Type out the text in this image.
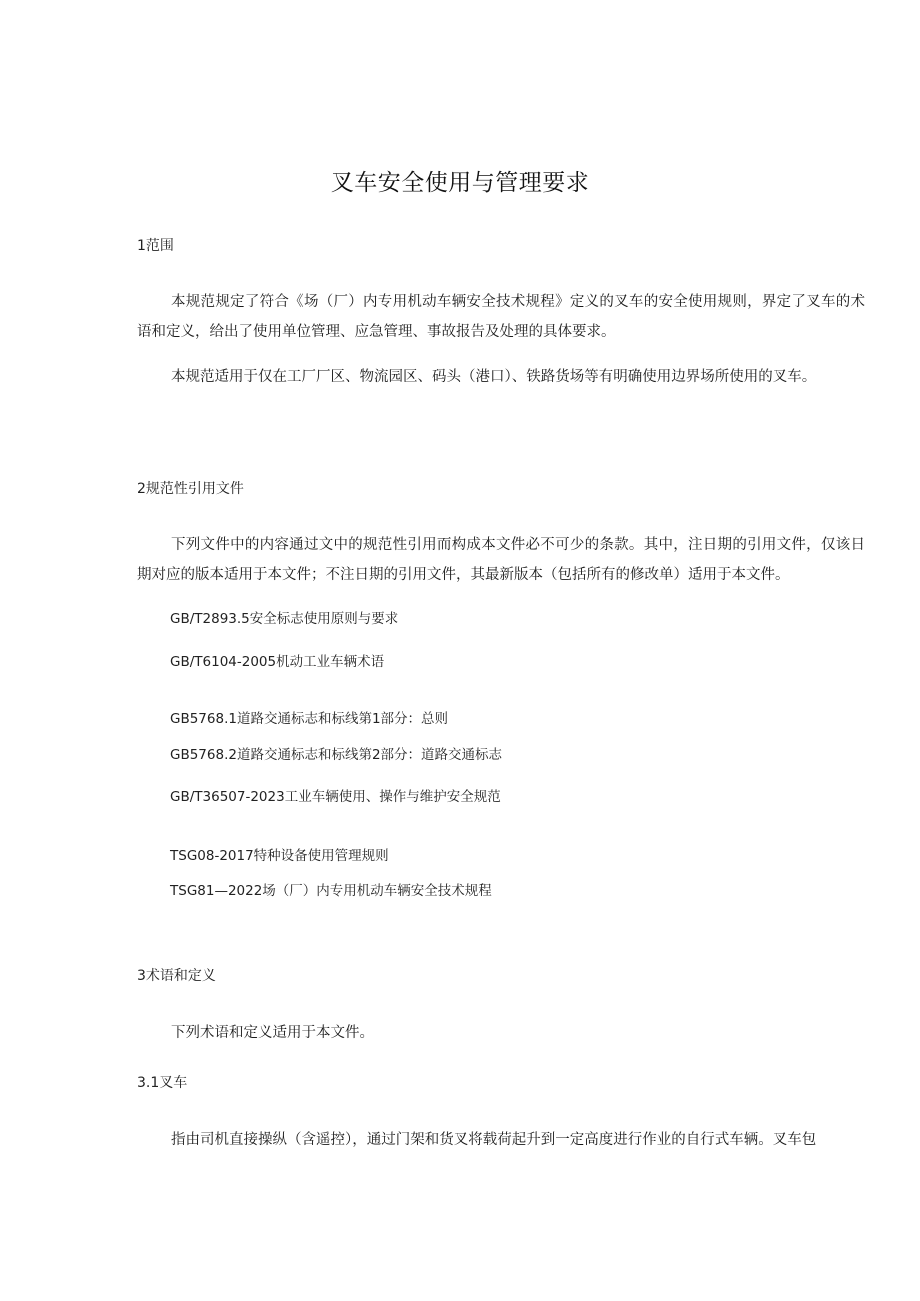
叉车安全使用与管理要求
1范围

本规范规定了符合《场（厂）内专用机动车辆安全技术规程》定义的叉车的安全使用规则，界定了叉车的术语和定义，给出了使用单位管理、应急管理、事故报告及处理的具体要求。

本规范适用于仅在工厂厂区、物流园区、码头（港口）、铁路货场等有明确使用边界场所使用的叉车。

2规范性引用文件

下列文件中的内容通过文中的规范性引用而构成本文件必不可少的条款。其中，注日期的引用文件，仅该日期对应的版本适用于本文件；不注日期的引用文件，其最新版本（包括所有的修改单）适用于本文件。

GB/T2893.5安全标志使用原则与要求
GB/T6104-2005机动工业车辆术语
GB5768.1道路交通标志和标线第1部分：总则
GB5768.2道路交通标志和标线第2部分：道路交通标志
GB/T36507-2023工业车辆使用、操作与维护安全规范
TSG08-2017特种设备使用管理规则
TSG81—2022场（厂）内专用机动车辆安全技术规程
3术语和定义

下列术语和定义适用于本文件。

3.1叉车

指由司机直接操纵（含遥控），通过门架和货叉将载荷起升到一定高度进行作业的自行式车辆。叉车包
